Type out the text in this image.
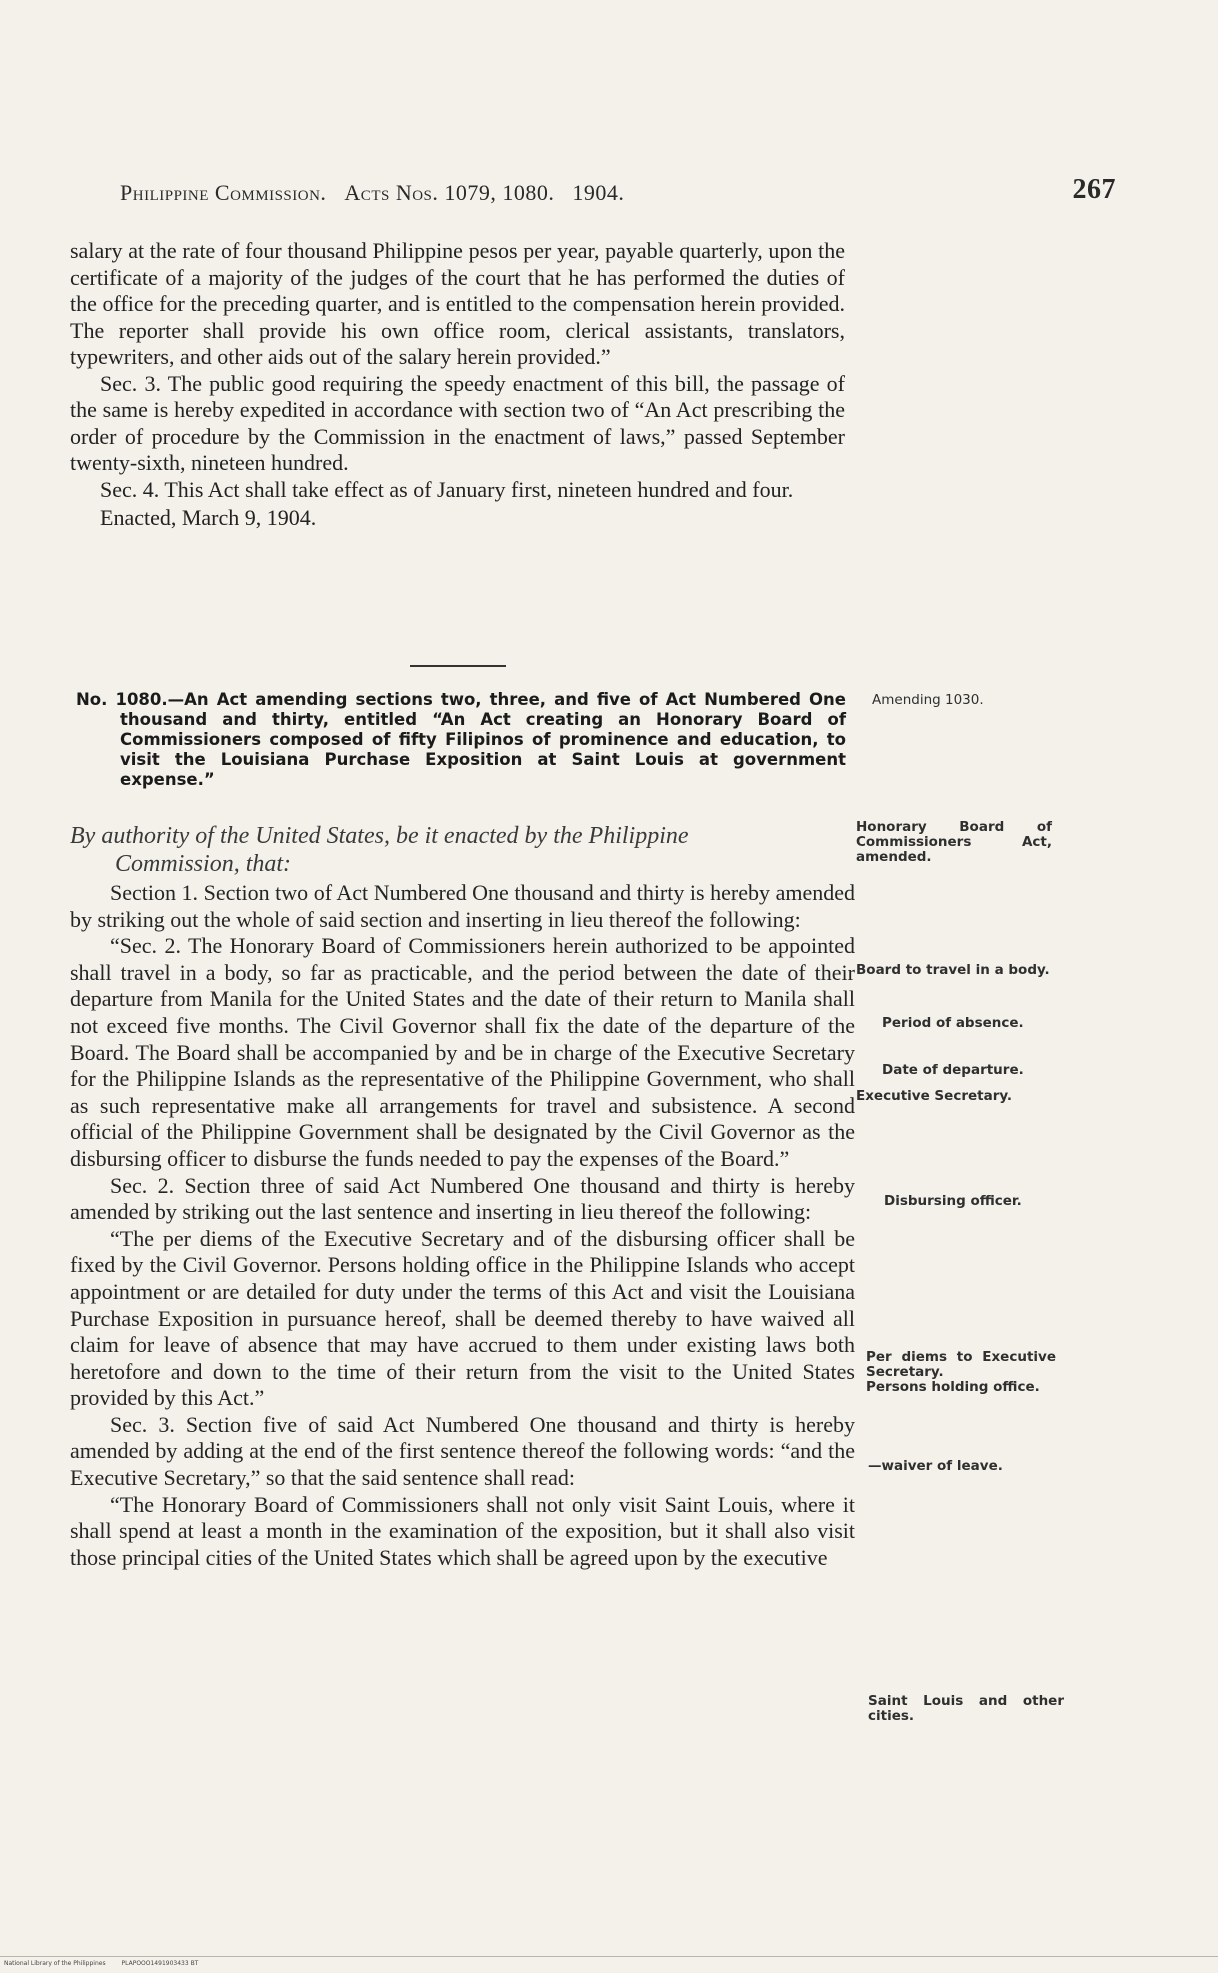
Philippine Commission. Acts Nos. 1079, 1080. 1904.	267

salary at the rate of four thousand Philippine pesos per year, payable quarterly, upon the certificate of a majority of the judges of the court that he has performed the duties of the office for the preceding quarter, and is entitled to the compensation herein provided. The reporter shall provide his own office room, clerical assistants, translators, typewriters, and other aids out of the salary herein provided.”

Sec. 3. The public good requiring the speedy enactment of this bill, the passage of the same is hereby expedited in accordance with section two of “An Act prescribing the order of procedure by the Commission in the enactment of laws,” passed September twenty-sixth, nineteen hundred.

Sec. 4. This Act shall take effect as of January first, nineteen hundred and four.

Enacted, March 9, 1904.

No. 1080.—An Act amending sections two, three, and five of Act Numbered One thousand and thirty, entitled “An Act creating an Honorary Board of Commissioners composed of fifty Filipinos of prominence and education, to visit the Louisiana Purchase Exposition at Saint Louis at government expense.”
By authority of the United States, be it enacted by the Philippine
Commission, that:

Section 1. Section two of Act Numbered One thousand and thirty is hereby amended by striking out the whole of said section and inserting in lieu thereof the following:

“Sec. 2. The Honorary Board of Commissioners herein authorized to be appointed shall travel in a body, so far as practicable, and the period between the date of their departure from Manila for the United States and the date of their return to Manila shall not exceed five months. The Civil Governor shall fix the date of the departure of the Board. The Board shall be accompanied by and be in charge of the Executive Secretary for the Philippine Islands as the representative of the Philippine Government, who shall as such representative make all arrangements for travel and subsistence. A second official of the Philippine Government shall be designated by the Civil Governor as the disbursing officer to disburse the funds needed to pay the expenses of the Board.”

Sec. 2. Section three of said Act Numbered One thousand and thirty is hereby amended by striking out the last sentence and inserting in lieu thereof the following:

“The per diems of the Executive Secretary and of the disbursing officer shall be fixed by the Civil Governor. Persons holding office in the Philippine Islands who accept appointment or are detailed for duty under the terms of this Act and visit the Louisiana Purchase Exposition in pursuance hereof, shall be deemed thereby to have waived all claim for leave of absence that may have accrued to them under existing laws both heretofore and down to the time of their return from the visit to the United States provided by this Act.”

Sec. 3. Section five of said Act Numbered One thousand and thirty is hereby amended by adding at the end of the first sentence thereof the following words: “and the Executive Secretary,” so that the said sentence shall read:

“The Honorary Board of Commissioners shall not only visit Saint Louis, where it shall spend at least a month in the examination of the exposition, but it shall also visit those principal cities of the United States which shall be agreed upon by the executive

Amending 1030.
Honorary Board of Commissioners Act, amended.
Board to travel in a body.
Period of absence.
Date of departure.
Executive Secretary.
Disbursing officer.
Per diems to Executive Secretary.
Persons holding office.
—waiver of leave.
Saint Louis and other cities.
National Library of the Philippines	PLAPOOO1491903433 BT
